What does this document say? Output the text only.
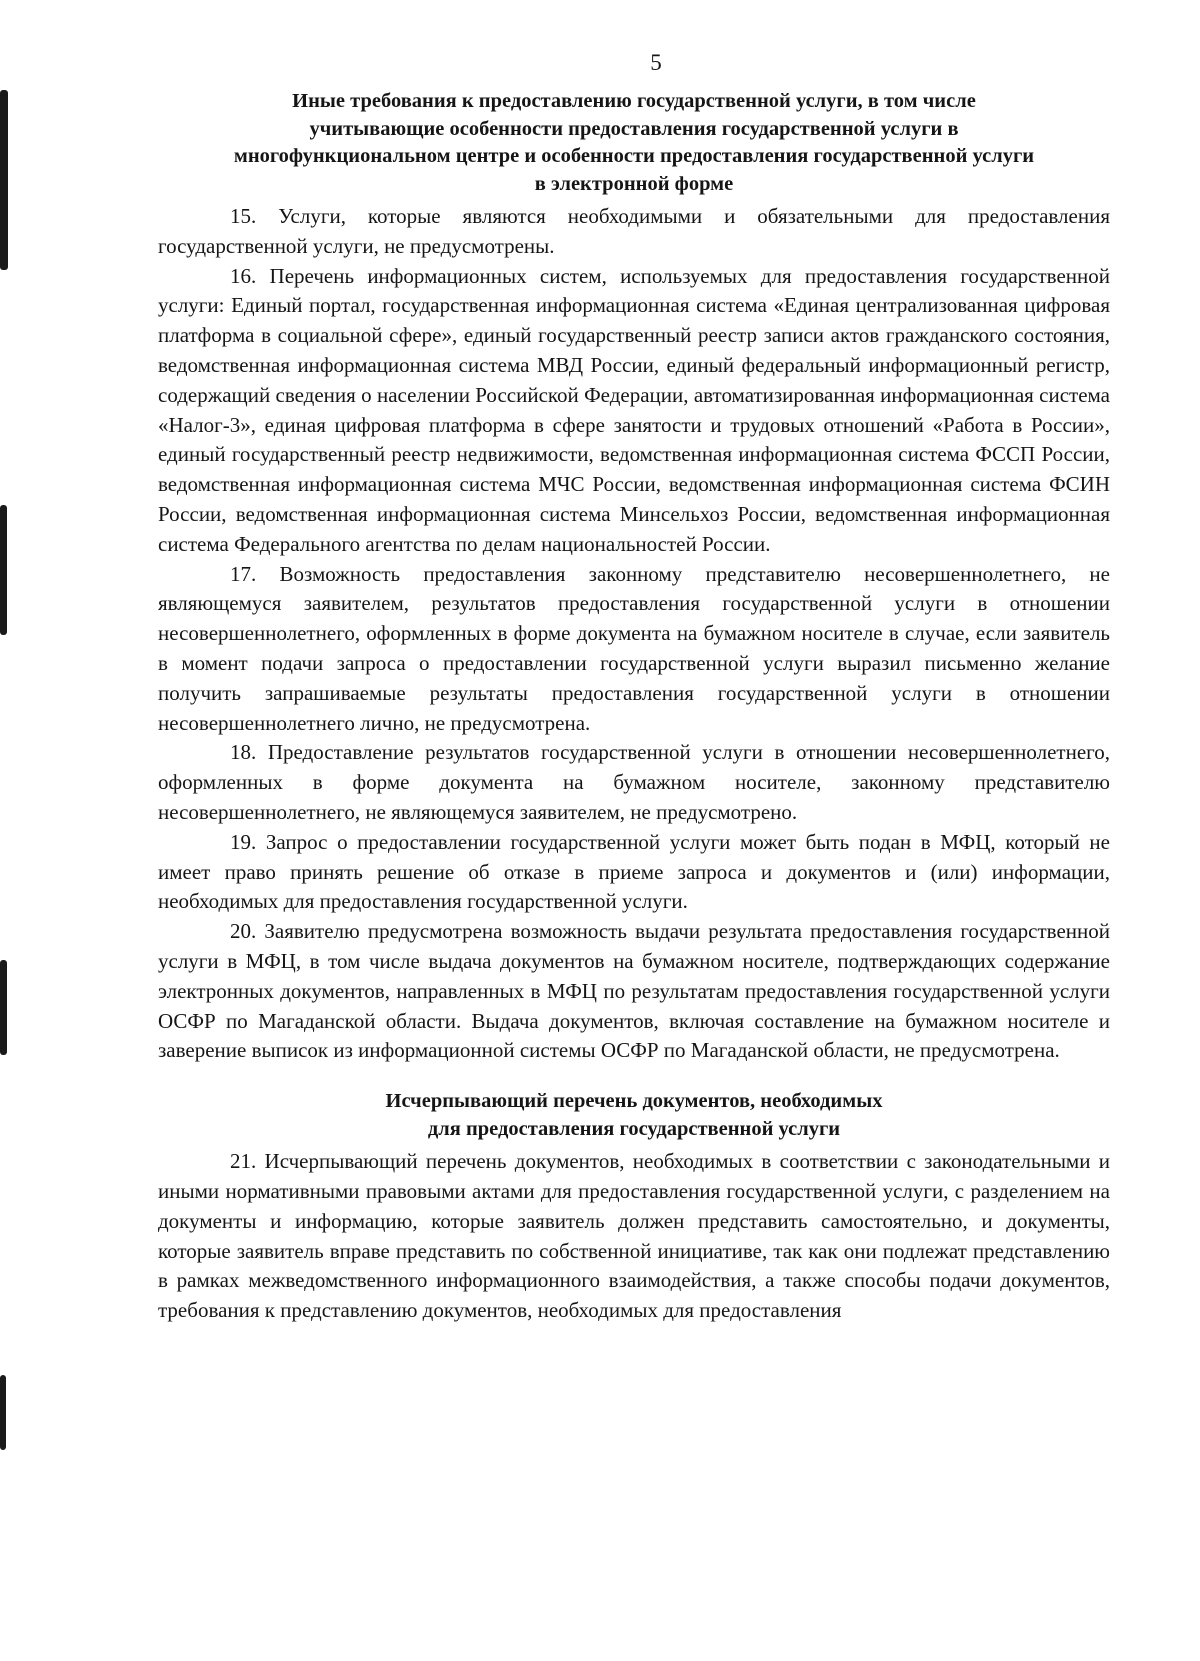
5
Иные требования к предоставлению государственной услуги, в том числе
учитывающие особенности предоставления государственной услуги в
многофункциональном центре и особенности предоставления государственной услуги
в электронной форме

15. Услуги, которые являются необходимыми и обязательными для предоставления государственной услуги, не предусмотрены.

16. Перечень информационных систем, используемых для предоставления государственной услуги: Единый портал, государственная информационная система «Единая централизованная цифровая платформа в социальной сфере», единый государственный реестр записи актов гражданского состояния, ведомственная информационная система МВД России, единый федеральный информационный регистр, содержащий сведения о населении Российской Федерации, автоматизированная информационная система «Налог-3», единая цифровая платформа в сфере занятости и трудовых отношений «Работа в России», единый государственный реестр недвижимости, ведомственная информационная система ФССП России, ведомственная информационная система МЧС России, ведомственная информационная система ФСИН России, ведомственная информационная система Минсельхоз России, ведомственная информационная система Федерального агентства по делам национальностей России.

17. Возможность предоставления законному представителю несовершеннолетнего, не являющемуся заявителем, результатов предоставления государственной услуги в отношении несовершеннолетнего, оформленных в форме документа на бумажном носителе в случае, если заявитель в момент подачи запроса о предоставлении государственной услуги выразил письменно желание получить запрашиваемые результаты предоставления государственной услуги в отношении несовершеннолетнего лично, не предусмотрена.

18. Предоставление результатов государственной услуги в отношении несовершеннолетнего, оформленных в форме документа на бумажном носителе, законному представителю несовершеннолетнего, не являющемуся заявителем, не предусмотрено.

19. Запрос о предоставлении государственной услуги может быть подан в МФЦ, который не имеет право принять решение об отказе в приеме запроса и документов и (или) информации, необходимых для предоставления государственной услуги.

20. Заявителю предусмотрена возможность выдачи результата предоставления государственной услуги в МФЦ, в том числе выдача документов на бумажном носителе, подтверждающих содержание электронных документов, направленных в МФЦ по результатам предоставления государственной услуги ОСФР по Магаданской области. Выдача документов, включая составление на бумажном носителе и заверение выписок из информационной системы ОСФР по Магаданской области, не предусмотрена.

Исчерпывающий перечень документов, необходимых
для предоставления государственной услуги

21. Исчерпывающий перечень документов, необходимых в соответствии с законодательными и иными нормативными правовыми актами для предоставления государственной услуги, с разделением на документы и информацию, которые заявитель должен представить самостоятельно, и документы, которые заявитель вправе представить по собственной инициативе, так как они подлежат представлению в рамках межведомственного информационного взаимодействия, а также способы подачи документов, требования к представлению документов, необходимых для предоставления
